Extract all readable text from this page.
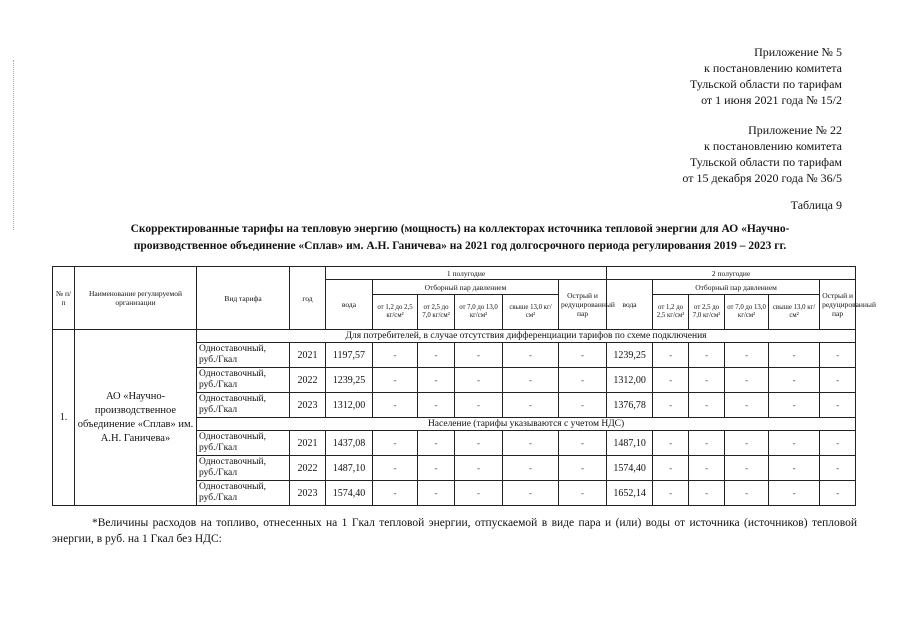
Приложение № 5
к постановлению комитета
Тульской области по тарифам
от 1 июня 2021 года № 15/2
Приложение № 22
к постановлению комитета
Тульской области по тарифам
от 15 декабря 2020 года № 36/5
Таблица 9
Скорректированные тарифы на тепловую энергию (мощность) на коллекторах источника тепловой энергии для АО «Научно-производственное объединение «Сплав» им. А.Н. Ганичева» на 2021 год долгосрочного периода регулирования 2019 – 2023 гг.
№ п/п	Наименование регулируемой организации	Вид тарифа	год	1 полугодие						2 полугодие					
				вода	Отборный пар давлением				Острый и редуцированный пар	вода	Отборный пар давлением				Острый и редуцированный пар
					от 1,2 до 2,5 кг/см²	от 2,5 до 7,0 кг/см²	от 7,0 до 13,0 кг/см²	свыше 13,0 кг/см²			от 1,2 до 2,5 кг/см²	от 2,5 до 7,0 кг/см²	от 7,0 до 13,0 кг/см²	свыше 13,0 кг/см²	
1.	АО «Научно-производственное объединение «Сплав» им. А.Н. Ганичева»	Для потребителей, в случае отсутствия дифференциации тарифов по схеме подключения													
		Одноставочный, руб./Гкал	2021	1197,57	-	-	-	-	-	1239,25	-	-	-	-	-
		Одноставочный, руб./Гкал	2022	1239,25	-	-	-	-	-	1312,00	-	-	-	-	-
		Одноставочный, руб./Гкал	2023	1312,00	-	-	-	-	-	1376,78	-	-	-	-	-
		Население (тарифы указываются с учетом НДС)													
		Одноставочный, руб./Гкал	2021	1437,08	-	-	-	-	-	1487,10	-	-	-	-	-
		Одноставочный, руб./Гкал	2022	1487,10	-	-	-	-	-	1574,40	-	-	-	-	-
		Одноставочный, руб./Гкал	2023	1574,40	-	-	-	-	-	1652,14	-	-	-	-	-
*Величины расходов на топливо, отнесенных на 1 Гкал тепловой энергии, отпускаемой в виде пара и (или) воды от источника (источников) тепловой энергии, в руб. на 1 Гкал без НДС:
